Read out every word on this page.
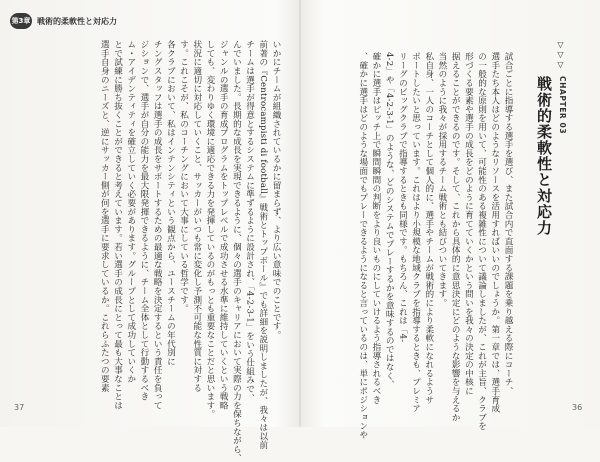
第3章 戦術的柔軟性と対応力
いかにチームが組織されているかに留まらず、より広い意味でのことです。
前著の『Centrocampisti di football』戦術とトップボール』でも詳細を説明しましたが、我々は以前
チームは選手が得意とするシステムに準ずるように設計され、「4-2-3-1」をいう仕組みで、
んでいました。長期的な成長を実現できるように、個々の選手のキャリアにおいて実際の力を保ちながら、
ジャンルの選手の育成プログラムをトップレベルで成功させる水準に維持していくという戦略
しても、変わりゆく環境に適応できる力を発揮しているのがもっとも重要なことだと思います。
状況に適切に対応していくこと、サッカーがいつも常に変化し予測不可能な性質に対する
す。これこそが、私のコーチングにおいて大事にしている哲学です。
各クラブにおいて、私はインテンシティという観点から、ユースチームの年代別に
チングスタッフは選手の成長をサポートするための最適な戦略を決定するという責任を負って
ジションで、選手が自分の能力を最大限発揮できるように、チーム全体として行動するべき
ム・アイデンティティを確立していく必要があります。グループとして成功していくか
とで試練に勝ち抜くことができると考えています。若い選手の成長にとって最も大事なことは
選手自身のニーズと、逆にサッカー側が何を選手に要求しているか。これらふたつの要素
37
試合ごとに指導する選手を選び、また試合内で直面する課題を乗り越える際にコーチ、
選手たち本人はどのようなリソースを活用すればいいのでしょうか。第一章では、選手育成
の一般的な原則を用いて、可能性のある複雑性について議論しましたが、これが主旨、クラブを
形づくる要素や選手の成長をどのように育てていくかという問いを我々の決定の中核に
据えることができるのです。そして、これから具体的に意思決定にどのような影響を与えるか
当然のように我々が採用するチーム戦術とも結びついてきます。
私自身、一人のコーチとして個人的に、選手やチームが戦術的により柔軟になれるようサ
ポートしたいと思っています。これはより小規模な地域クラブを指導するときも、プレミア
リーグのビッグクラブで指導するときも同様です。もちろん、これは「4-
4-2」や「4-2-3-1」のような、どのシステムでプレーするかを意味するのではなく、
確かに選手はピッチ上で瞬間瞬間の判断をより良いものにしていけるよう指導されるべき
、確かに選手はどのような場面でもプレーできるようになると言っているのは、単にポジションや	▽▽▽
CHAPTER 03
戦術的柔軟性と対応力
36
